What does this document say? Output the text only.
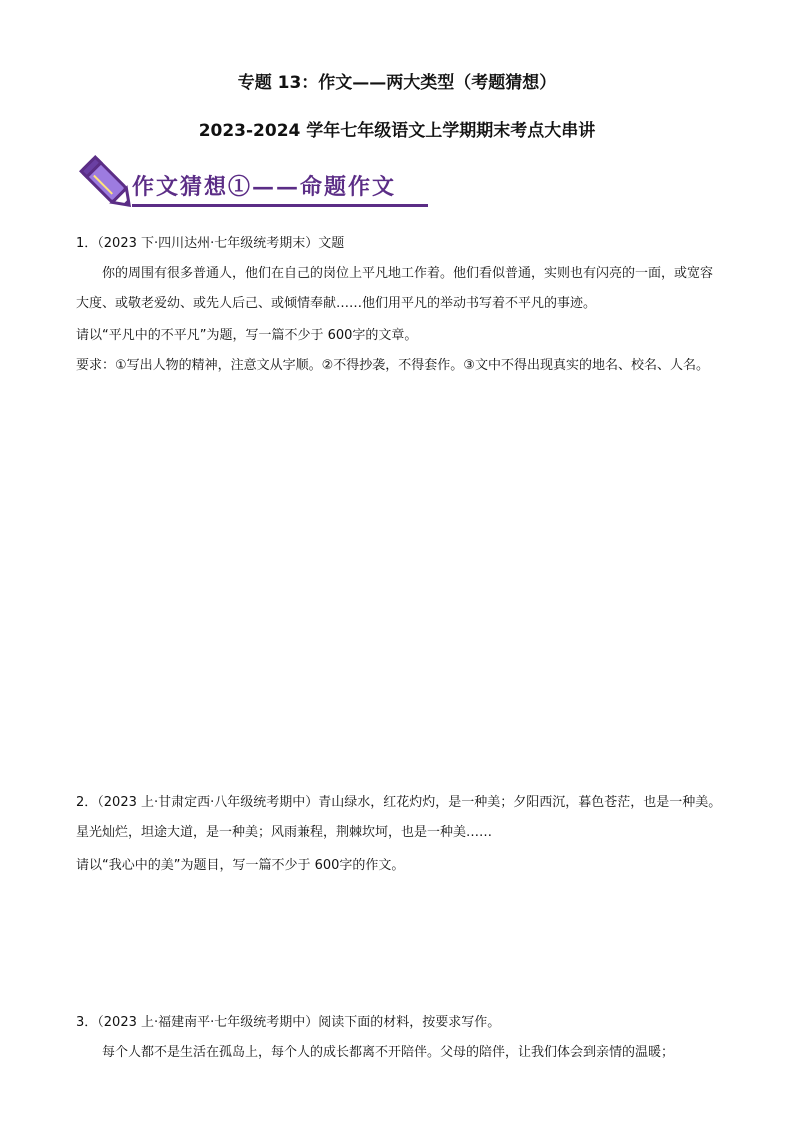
专题 13：作文——两大类型（考题猜想）
2023-2024 学年七年级语文上学期期末考点大串讲
作文猜想①——命题作文
1．（2023 下·四川达州·七年级统考期末）文题
你的周围有很多普通人，他们在自己的岗位上平凡地工作着。他们看似普通，实则也有闪亮的一面，或宽容大度、或敬老爱幼、或先人后己、或倾情奉献……他们用平凡的举动书写着不平凡的事迹。
请以“平凡中的不平凡”为题，写一篇不少于 600字的文章。
要求：①写出人物的精神，注意文从字顺。②不得抄袭，不得套作。③文中不得出现真实的地名、校名、人名。
2．（2023 上·甘肃定西·八年级统考期中）青山绿水，红花灼灼，是一种美；夕阳西沉，暮色苍茫，也是一种美。星光灿烂，坦途大道，是一种美；风雨兼程，荆棘坎坷，也是一种美……
请以“我心中的美”为题目，写一篇不少于 600字的作文。
3．（2023 上·福建南平·七年级统考期中）阅读下面的材料，按要求写作。
每个人都不是生活在孤岛上，每个人的成长都离不开陪伴。父母的陪伴，让我们体会到亲情的温暖；
